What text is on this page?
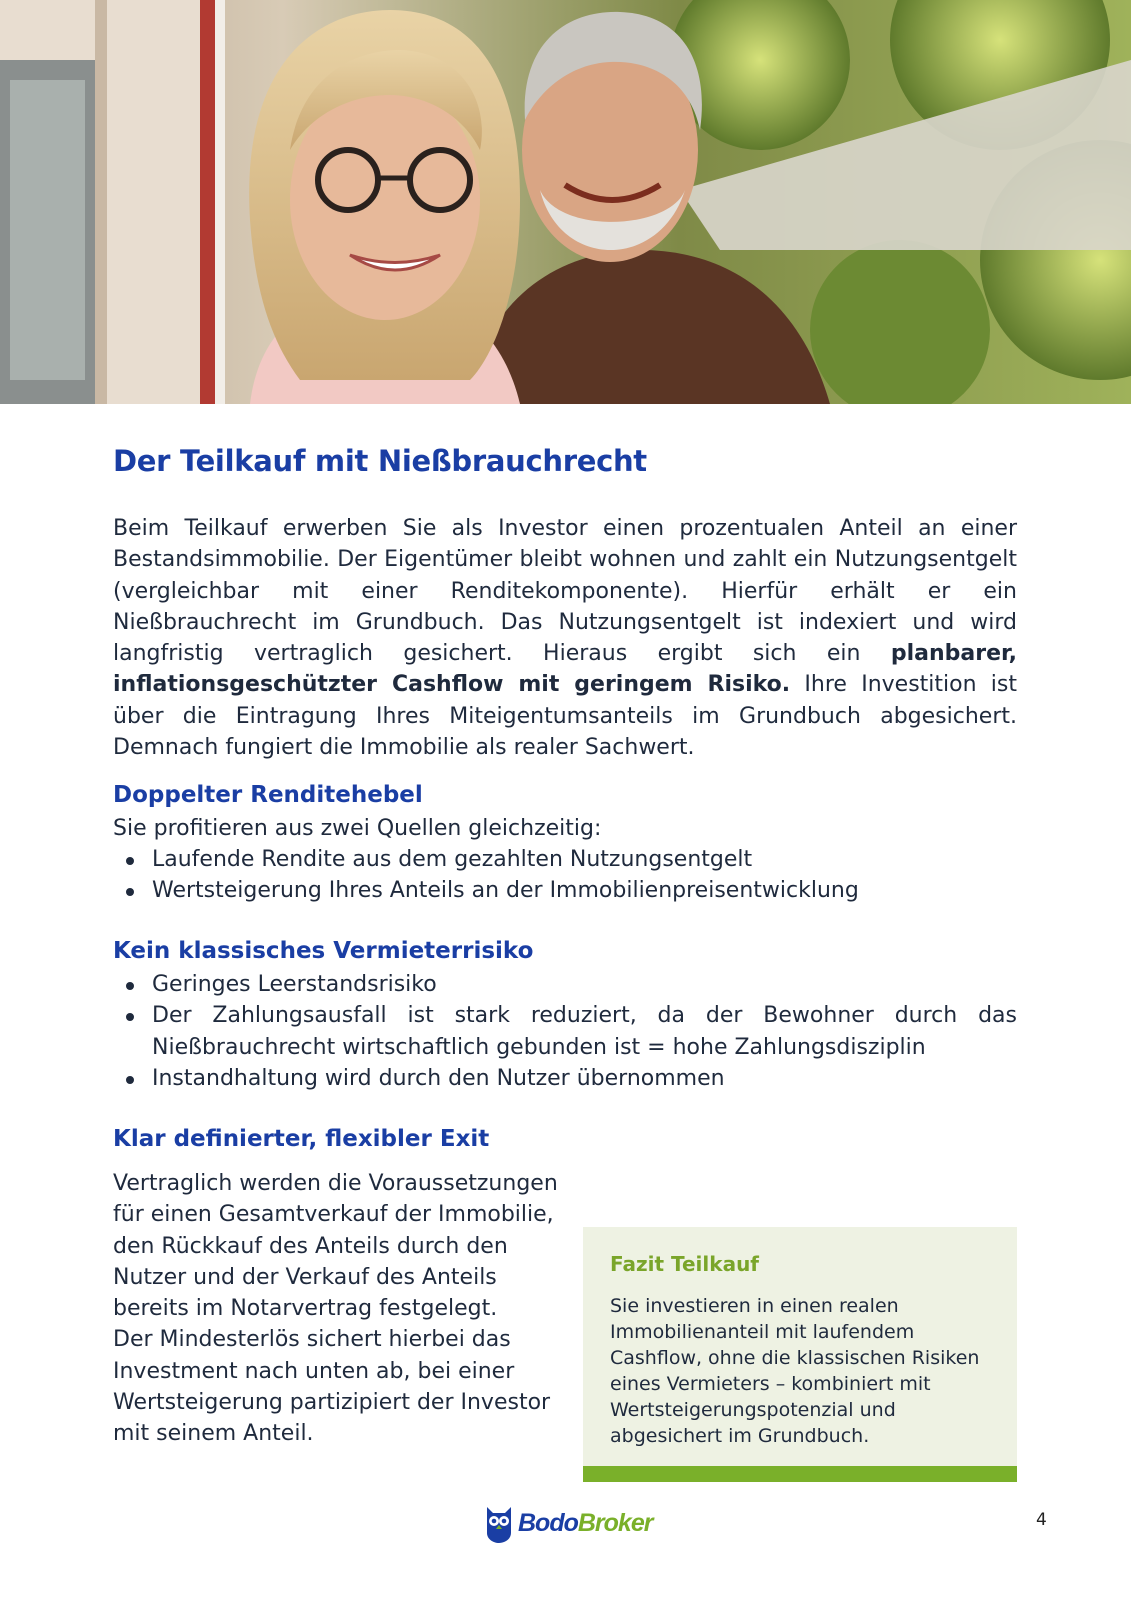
Der Teilkauf mit Nießbrauchrecht

Beim Teilkauf erwerben Sie als Investor einen prozentualen Anteil an einer Bestandsimmobilie. Der Eigentümer bleibt wohnen und zahlt ein Nutzungsentgelt (vergleichbar mit einer Renditekomponente). Hierfür erhält er ein Nießbrauchrecht im Grundbuch. Das Nutzungsentgelt ist indexiert und wird langfristig vertraglich gesichert. Hieraus ergibt sich ein planbarer, inflationsgeschützter Cashflow mit geringem Risiko. Ihre Investition ist über die Eintragung Ihres Miteigentumsanteils im Grundbuch abgesichert. Demnach fungiert die Immobilie als realer Sachwert.

Doppelter Renditehebel

Sie profitieren aus zwei Quellen gleichzeitig:

Laufende Rendite aus dem gezahlten Nutzungsentgelt
Wertsteigerung Ihres Anteils an der Immobilienpreisentwicklung
Kein klassisches Vermieterrisiko
Geringes Leerstandsrisiko
Der Zahlungsausfall ist stark reduziert, da der Bewohner durch das Nießbrauchrecht wirtschaftlich gebunden ist = hohe Zahlungsdisziplin
Instandhaltung wird durch den Nutzer übernommen
Klar definierter, flexibler Exit

Vertraglich werden die Voraussetzungen für einen Gesamtverkauf der Immobilie, den Rückkauf des Anteils durch den Nutzer und der Verkauf des Anteils bereits im Notarvertrag festgelegt.

Der Mindesterlös sichert hierbei das Investment nach unten ab, bei einer Wertsteigerung partizipiert der Investor mit seinem Anteil.

Fazit Teilkauf

Sie investieren in einen realen Immobilienanteil mit laufendem Cashflow, ohne die klassischen Risiken eines Vermieters – kombiniert mit Wertsteigerungspotenzial und abgesichert im Grundbuch.

BodoBroker	4
